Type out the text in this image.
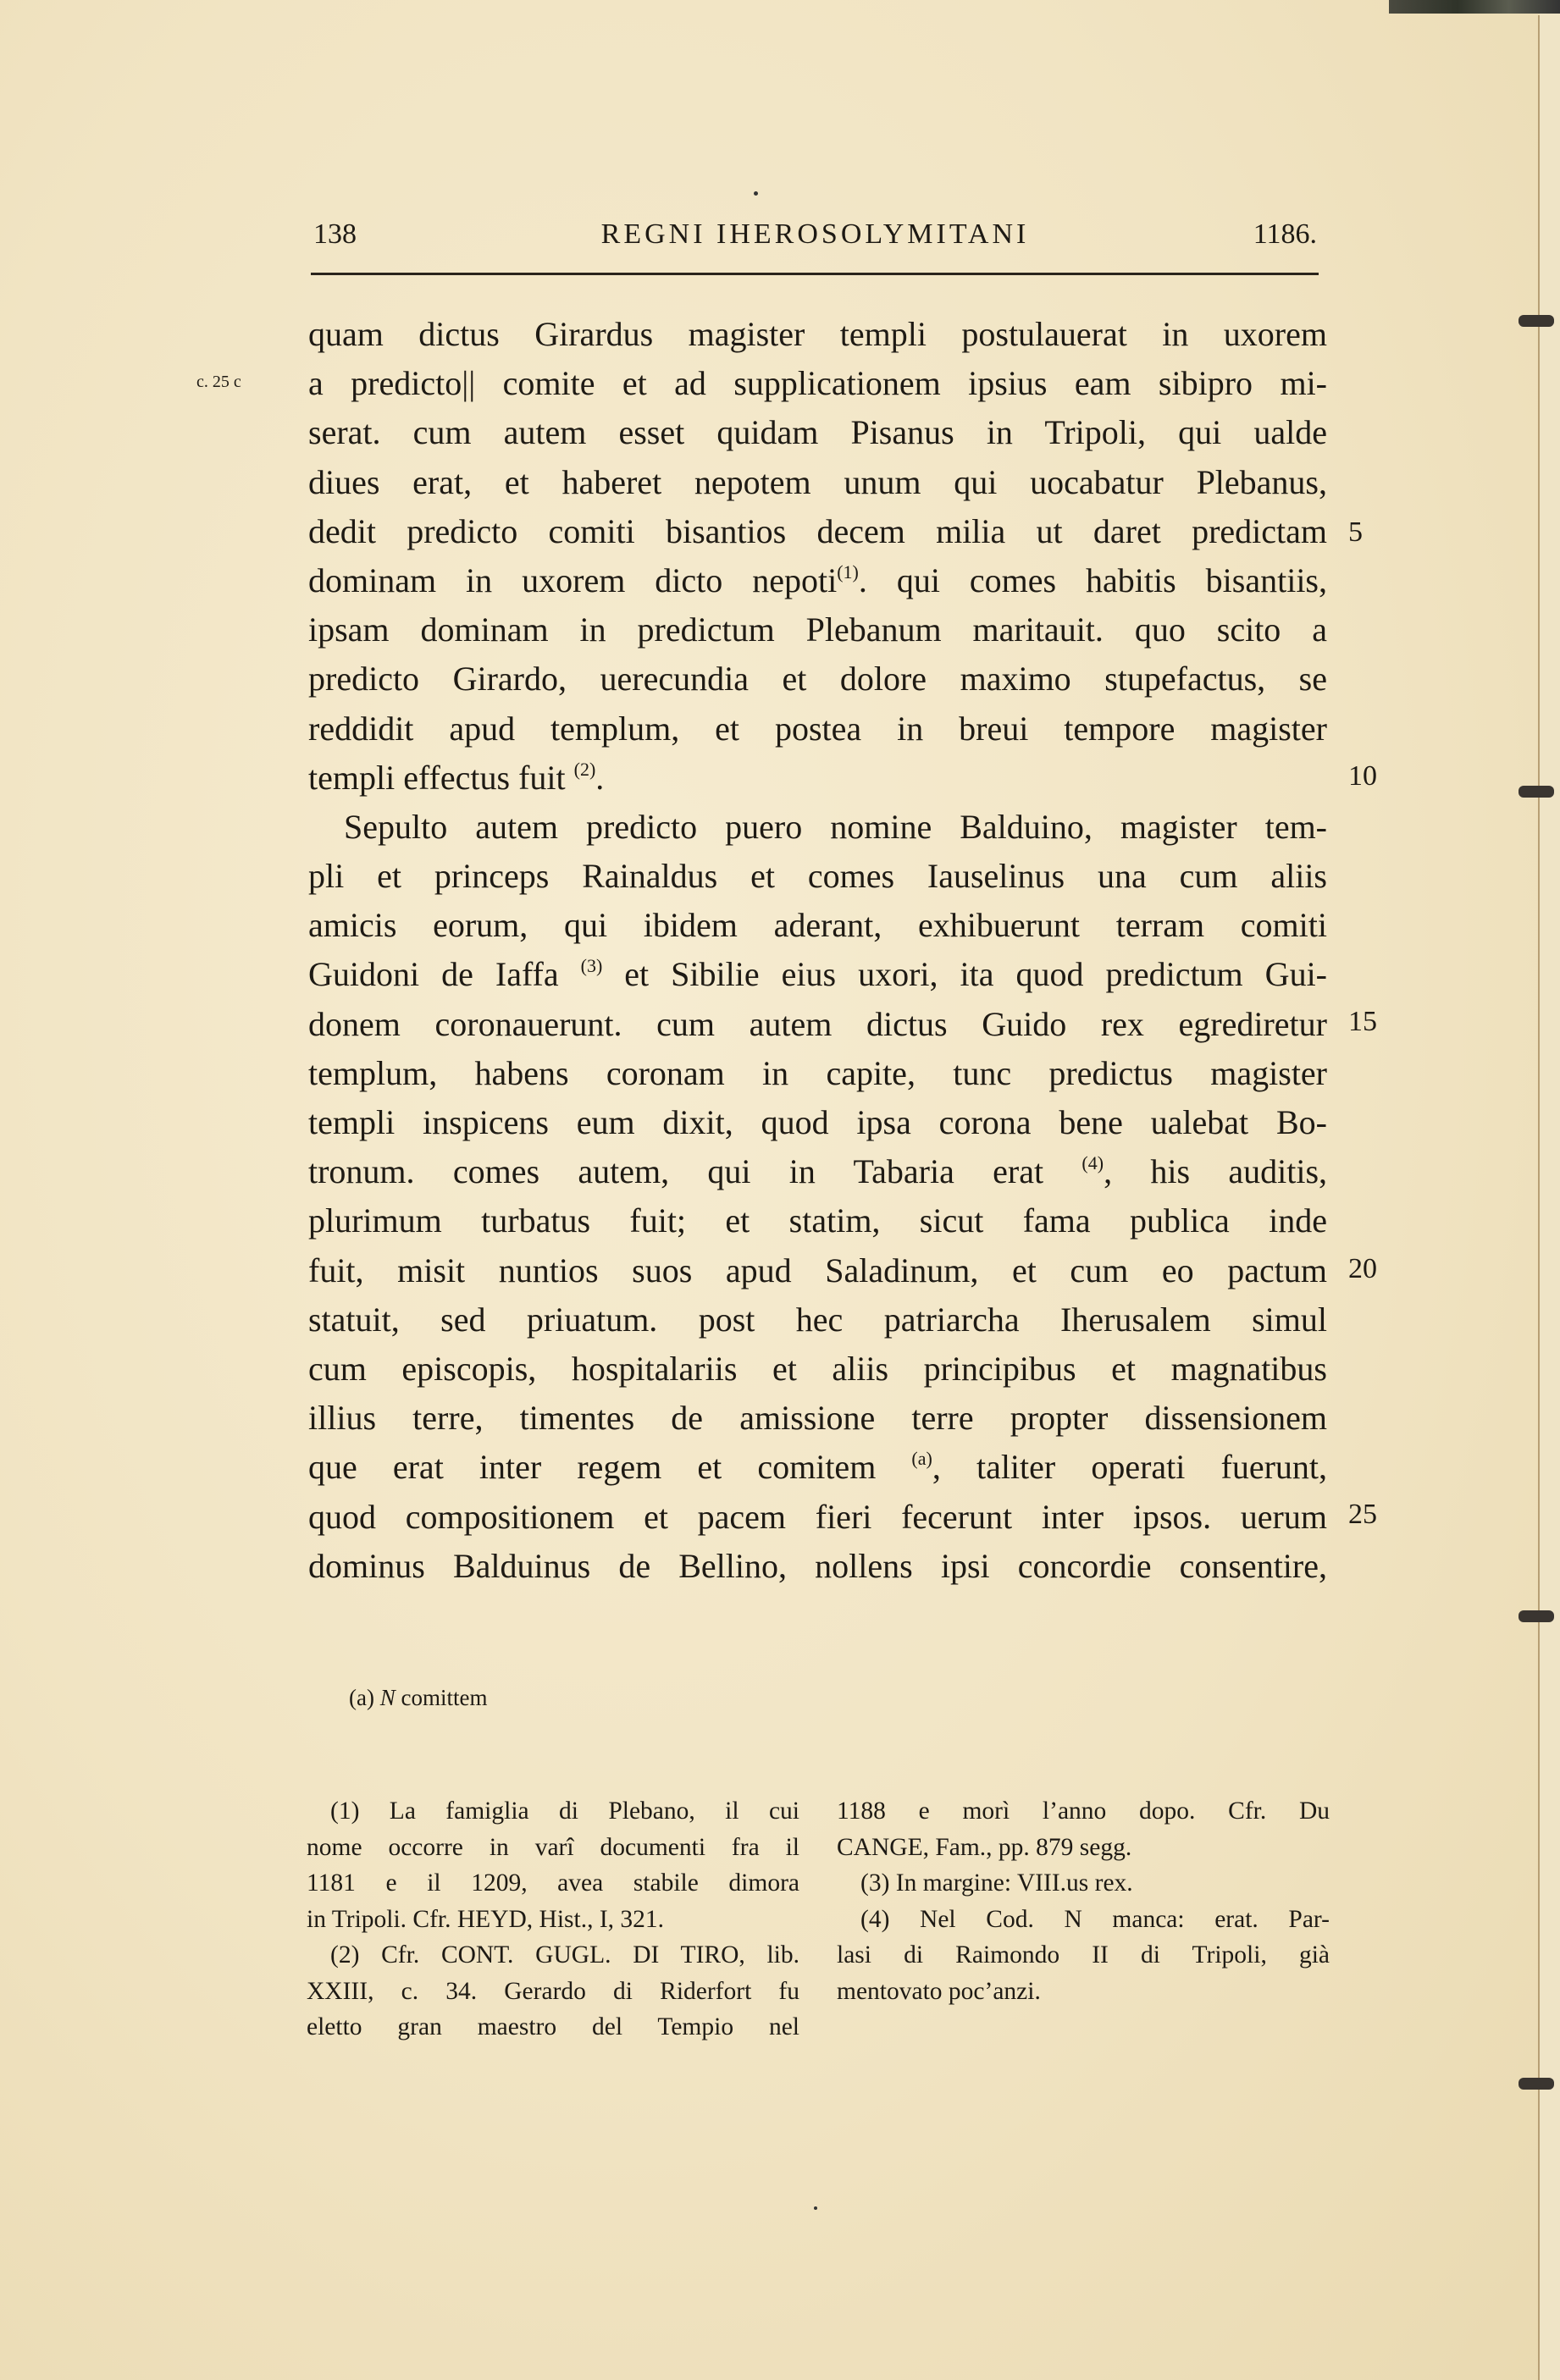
138	REGNI IHEROSOLYMITANI	1186.
c. 25 c
quam dictus Girardus magister templi postulauerat in uxorem
a predicto|| comite et ad supplicationem ipsius eam sibipro mi-
serat. cum autem esset quidam Pisanus in Tripoli, qui ualde
diues erat, et haberet nepotem unum qui uocabatur Plebanus,
dedit predicto comiti bisantios decem milia ut daret predictam
dominam in uxorem dicto nepoti$^{(1)}$. qui comes habitis bisantiis,
ipsam dominam in predictum Plebanum maritauit. quo scito a
predicto Girardo, uerecundia et dolore maximo stupefactus, se
reddidit apud templum, et postea in breui tempore magister
templi effectus fuit $^{(2)}$.
Sepulto autem predicto puero nomine Balduino, magister tem-
pli et princeps Rainaldus et comes Iauselinus una cum aliis
amicis eorum, qui ibidem aderant, exhibuerunt terram comiti
Guidoni de Iaffa $^{(3)}$ et Sibilie eius uxori, ita quod predictum Gui-
donem coronauerunt. cum autem dictus Guido rex egrediretur
templum, habens coronam in capite, tunc predictus magister
templi inspicens eum dixit, quod ipsa corona bene ualebat Bo-
tronum. comes autem, qui in Tabaria erat $^{(4)}$, his auditis,
plurimum turbatus fuit; et statim, sicut fama publica inde
fuit, misit nuntios suos apud Saladinum, et cum eo pactum
statuit, sed priuatum. post hec patriarcha Iherusalem simul
cum episcopis, hospitalariis et aliis principibus et magnatibus
illius terre, timentes de amissione terre propter dissensionem
que erat inter regem et comitem $^{(a)}$, taliter operati fuerunt,
quod compositionem et pacem fieri fecerunt inter ipsos. uerum
dominus Balduinus de Bellino, nollens ipsi concordie consentire,
5
10
15
20
25
(a) N comittem
(1) La famiglia di Plebano, il cui
nome occorre in varî documenti fra il
1181 e il 1209, avea stabile dimora
in Tripoli. Cfr. HEYD, Hist., I, 321.
(2) Cfr. CONT. GUGL. DI TIRO, lib.
XXIII, c. 34. Gerardo di Riderfort fu
eletto gran maestro del Tempio nel
1188 e morì l’anno dopo. Cfr. Du
CANGE, Fam., pp. 879 segg.
(3) In margine: VIII.us rex.
(4) Nel Cod. N manca: erat. Par-
lasi di Raimondo II di Tripoli, già
mentovato poc’anzi.
